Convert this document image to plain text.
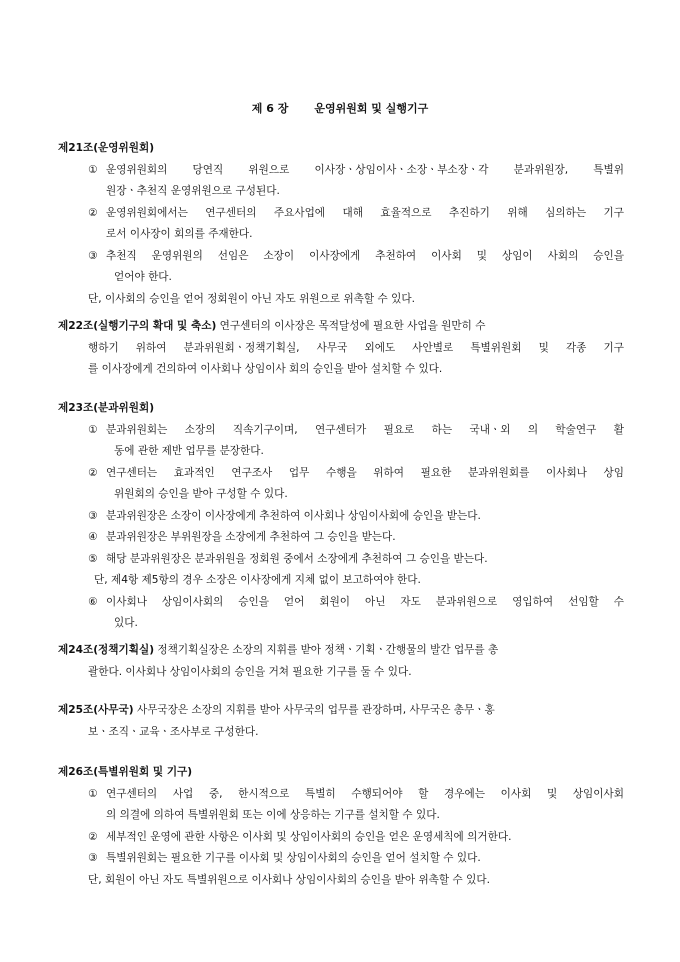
제 6 장 운영위원회 및 실행기구
제21조(운영위원회)
① 운영위원회의 당연직 위원으로 이사장ㆍ상임이사ㆍ소장ㆍ부소장ㆍ각 분과위원장, 특별위
원장ㆍ추천직 운영위원으로 구성된다.
② 운영위원회에서는 연구센터의 주요사업에 대해 효율적으로 추진하기 위해 심의하는 기구
로서 이사장이 회의를 주재한다.
③ 추천직 운영위원의 선임은 소장이 이사장에게 추천하여 이사회 및 상임이 사회의 승인을
얻어야 한다.
단, 이사회의 승인을 얻어 정회원이 아닌 자도 위원으로 위촉할 수 있다.
제22조(실행기구의 확대 및 축소) 연구센터의 이사장은 목적달성에 필요한 사업을 원만히 수
행하기 위하여 분과위원회ㆍ정책기획실, 사무국 외에도 사안별로 특별위원회 및 각종 기구
를 이사장에게 건의하여 이사회나 상임이사 회의 승인을 받아 설치할 수 있다.
제23조(분과위원회)
① 분과위원회는 소장의 직속기구이며, 연구센터가 필요로 하는 국내ㆍ외 의 학술연구 활
동에 관한 제반 업무를 분장한다.
② 연구센터는 효과적인 연구조사 업무 수행을 위하여 필요한 분과위원회를 이사회나 상임
위원회의 승인을 받아 구성할 수 있다.
③ 분과위원장은 소장이 이사장에게 추천하여 이사회나 상임이사회에 승인을 받는다.
④ 분과위원장은 부위원장을 소장에게 추천하여 그 승인을 받는다.
⑤ 해당 분과위원장은 분과위원을 정회원 중에서 소장에게 추천하여 그 승인을 받는다.
단, 제4항 제5항의 경우 소장은 이사장에게 지체 없이 보고하여야 한다.
⑥ 이사회나 상임이사회의 승인을 얻어 회원이 아닌 자도 분과위원으로 영입하여 선임할 수
있다.
제24조(정책기획실) 정책기획실장은 소장의 지휘를 받아 정책ㆍ기획ㆍ간행물의 발간 업무를 총
괄한다. 이사회나 상임이사회의 승인을 거쳐 필요한 기구를 둘 수 있다.
제25조(사무국) 사무국장은 소장의 지휘를 받아 사무국의 업무를 관장하며, 사무국은 총무ㆍ홍
보ㆍ조직ㆍ교육ㆍ조사부로 구성한다.
제26조(특별위원회 및 기구)
① 연구센터의 사업 중, 한시적으로 특별히 수행되어야 할 경우에는 이사회 및 상임이사회
의 의결에 의하여 특별위원회 또는 이에 상응하는 기구를 설치할 수 있다.
② 세부적인 운영에 관한 사항은 이사회 및 상임이사회의 승인을 얻은 운영세칙에 의거한다.
③ 특별위원회는 필요한 기구를 이사회 및 상임이사회의 승인을 얻어 설치할 수 있다.
단, 회원이 아닌 자도 특별위원으로 이사회나 상임이사회의 승인을 받아 위촉할 수 있다.
